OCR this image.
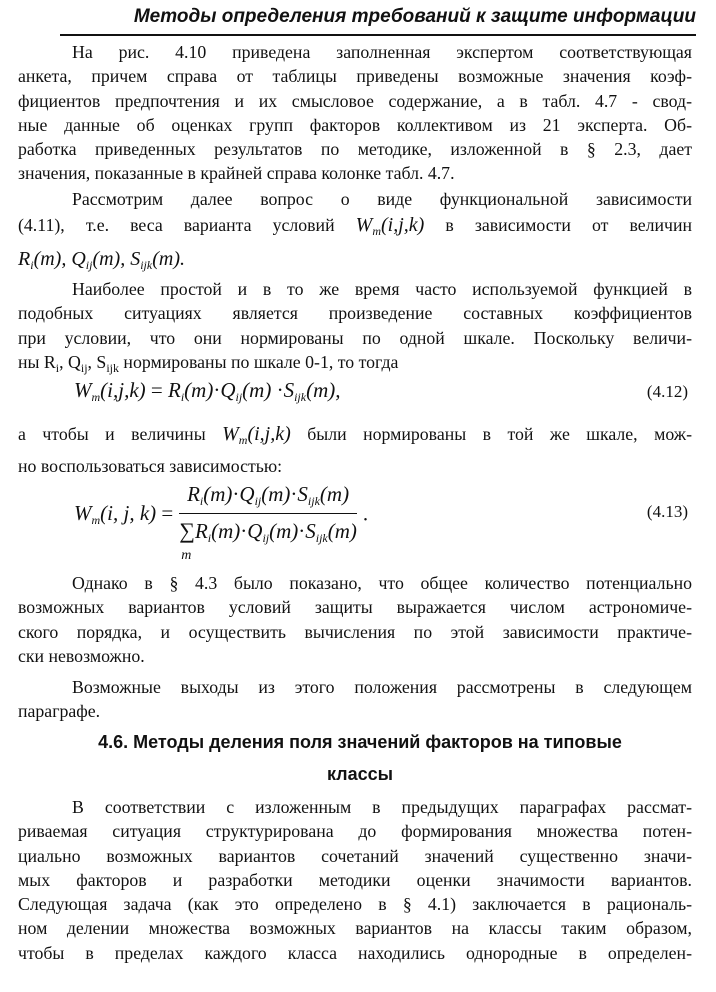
Методы определения требований к защите информации
На рис. 4.10 приведена заполненная экспертом соответствующая
анкета, причем справа от таблицы приведены возможные значения коэф-
фициентов предпочтения и их смысловое содержание, а в табл. 4.7 - свод-
ные данные об оценках групп факторов коллективом из 21 эксперта. Об-
работка приведенных результатов по методике, изложенной в § 2.3, дает
значения, показанные в крайней справа колонке табл. 4.7.
Рассмотрим далее вопрос о виде функциональной зависимости
(4.11), т.е. веса варианта условий $W_m(i,j,k)$ в зависимости от величин
$R_i(m)$, $Q_{ij}(m)$, $S_{ijk}(m)$.
Наиболее простой и в то же время часто используемой функцией в
подобных ситуациях является произведение составных коэффициентов
при условии, что они нормированы по одной шкале. Поскольку величи-
ны $R_i$, $Q_{ij}$, $S_{ijk}$ нормированы по шкале 0-1, то тогда
$W_m(i,j,k) = R_i(m)\cdot Q_{ij}(m) \cdot S_{ijk}(m)$,	(4.12)
а чтобы и величины $W_m(i,j,k)$ были нормированы в той же шкале, мож-
но воспользоваться зависимостью:
$W_m(i$, j, $k) = R_i(m)\cdot Q_{ij}(m)\cdot S_{ijk}(m)$
$\sum R_i(m)\cdot Q_{ij}(m)\cdot S_{ijk}(m)$
m .	(4.13)
Однако в § 4.3 было показано, что общее количество потенциально
возможных вариантов условий защиты выражается числом астрономиче-
ского порядка, и осуществить вычисления по этой зависимости практиче-
ски невозможно.
Возможные выходы из этого положения рассмотрены в следующем
параграфе.
4.6. Методы деления поля значений факторов на типовые
классы
В соответствии с изложенным в предыдущих параграфах рассмат-
риваемая ситуация структурирована до формирования множества потен-
циально возможных вариантов сочетаний значений существенно значи-
мых факторов и разработки методики оценки значимости вариантов.
Следующая задача (как это определено в § 4.1) заключается в рациональ-
ном делении множества возможных вариантов на классы таким образом,
чтобы в пределах каждого класса находились однородные в определен-
